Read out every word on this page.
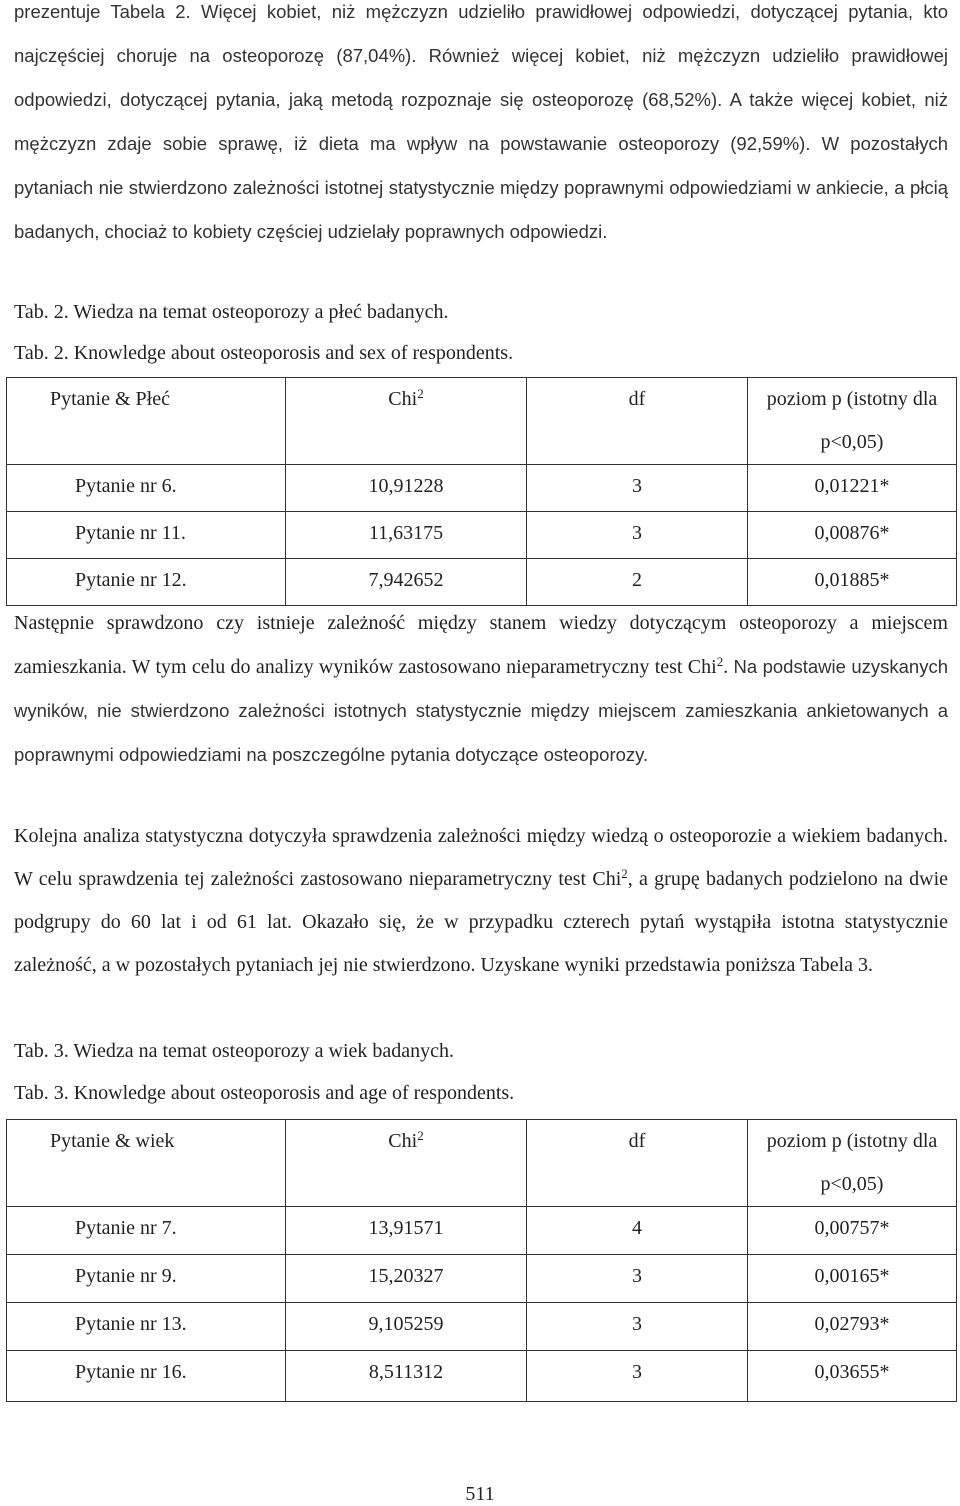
prezentuje Tabela 2. Więcej kobiet, niż mężczyzn udzieliło prawidłowej odpowiedzi, dotyczącej pytania, kto najczęściej choruje na osteoporozę (87,04%). Również więcej kobiet, niż mężczyzn udzieliło prawidłowej odpowiedzi, dotyczącej pytania, jaką metodą rozpoznaje się osteoporozę (68,52%). A także więcej kobiet, niż mężczyzn zdaje sobie sprawę, iż dieta ma wpływ na powstawanie osteoporozy (92,59%). W pozostałych pytaniach nie stwierdzono zależności istotnej statystycznie między poprawnymi odpowiedziami w ankiecie, a płcią badanych, chociaż to kobiety częściej udzielały poprawnych odpowiedzi.

Tab. 2. Wiedza na temat osteoporozy a płeć badanych.
Tab. 2. Knowledge about osteoporosis and sex of respondents.
Pytanie & Płeć	Chi$^2$	df	poziom p (istotny dla p<0,05)
Pytanie nr 6.	10,91228	3	0,01221*
Pytanie nr 11.	11,63175	3	0,00876*
Pytanie nr 12.	7,942652	2	0,01885*

Następnie sprawdzono czy istnieje zależność między stanem wiedzy dotyczącym osteoporozy a miejscem zamieszkania. W tym celu do analizy wyników zastosowano nieparametryczny test Chi$^2$. Na podstawie uzyskanych wyników, nie stwierdzono zależności istotnych statystycznie między miejscem zamieszkania ankietowanych a poprawnymi odpowiedziami na poszczególne pytania dotyczące osteoporozy.

Kolejna analiza statystyczna dotyczyła sprawdzenia zależności między wiedzą o osteoporozie a wiekiem badanych. W celu sprawdzenia tej zależności zastosowano nieparametryczny test Chi$^2$, a grupę badanych podzielono na dwie podgrupy do 60 lat i od 61 lat. Okazało się, że w przypadku czterech pytań wystąpiła istotna statystycznie zależność, a w pozostałych pytaniach jej nie stwierdzono. Uzyskane wyniki przedstawia poniższa Tabela 3.

Tab. 3. Wiedza na temat osteoporozy a wiek badanych.
Tab. 3. Knowledge about osteoporosis and age of respondents.
Pytanie & wiek	Chi$^2$	df	poziom p (istotny dla p<0,05)
Pytanie nr 7.	13,91571	4	0,00757*
Pytanie nr 9.	15,20327	3	0,00165*
Pytanie nr 13.	9,105259	3	0,02793*
Pytanie nr 16.	8,511312	3	0,03655*
511
